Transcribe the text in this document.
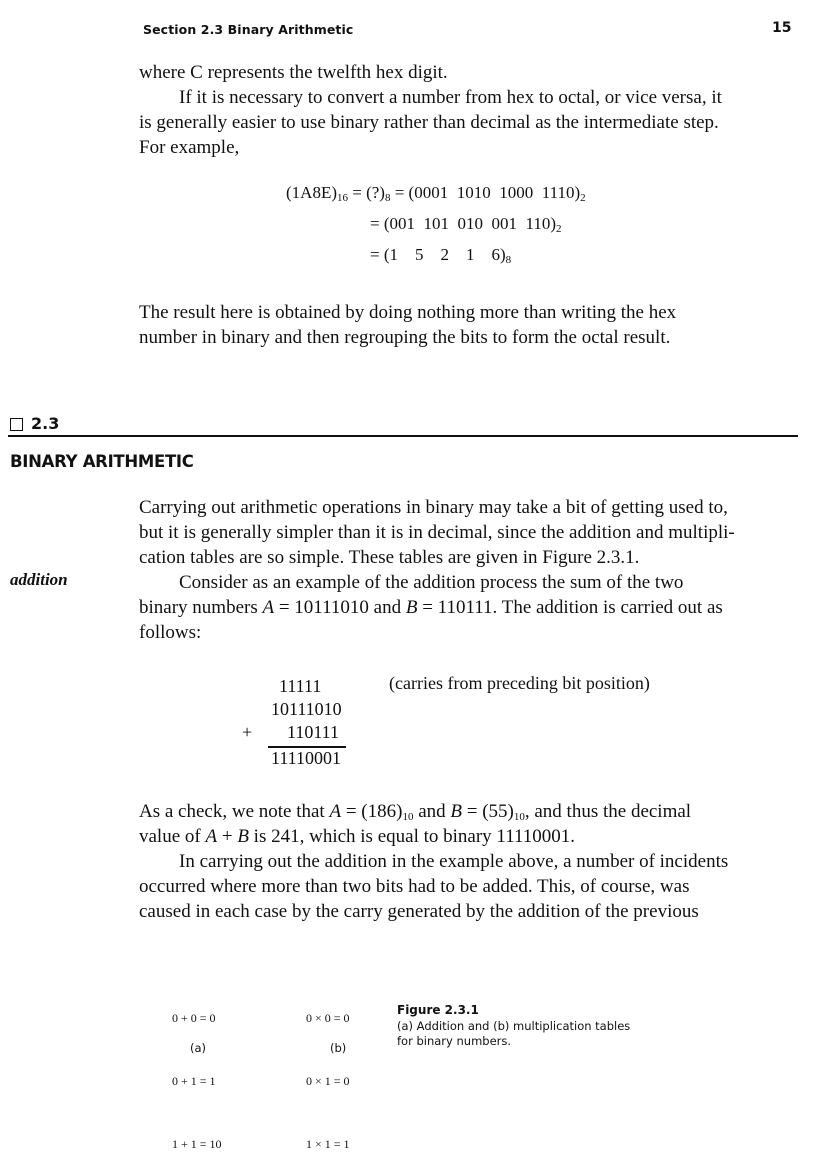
Section 2.3 Binary Arithmetic	15
where C represents the twelfth hex digit.
If it is necessary to convert a number from hex to octal, or vice versa, it
is generally easier to use binary rather than decimal as the intermediate step.
For example,
$(1A8E)_{16}$ = $(?)_8 = (0001$  1010  1000  $1110)_2$
= (001  101  010  001  $110)_2$
= (1    5    2    1    $6)_8$
The result here is obtained by doing nothing more than writing the hex
number in binary and then regrouping the bits to form the octal result.
2.3
BINARY ARITHMETIC
addition
Carrying out arithmetic operations in binary may take a bit of getting used to,
but it is generally simpler than it is in decimal, since the addition and multipli-
cation tables are so simple. These tables are given in Figure 2.3.1.
Consider as an example of the addition process the sum of the two
binary numbers A = 10111010 and B = 110111. The addition is carried out as
follows:
11111	(carries from preceding bit position)
10111010
+ 110111
11110001
As a check, we note that $A = (186)_{10}$ and $B = (55)_{10}$, and thus the decimal
value of A + B is 241, which is equal to binary 11110001.
In carrying out the addition in the example above, a number of incidents
occurred where more than two bits had to be added. This, of course, was
caused in each case by the carry generated by the addition of the previous

0 + 0 = 0

0 + 1 = 1

1 + 1 = 10

(a)

0 × 0 = 0

0 × 1 = 0

1 × 1 = 1

(b)
Figure 2.3.1
(a) Addition and (b) multiplication tables
for binary numbers.
